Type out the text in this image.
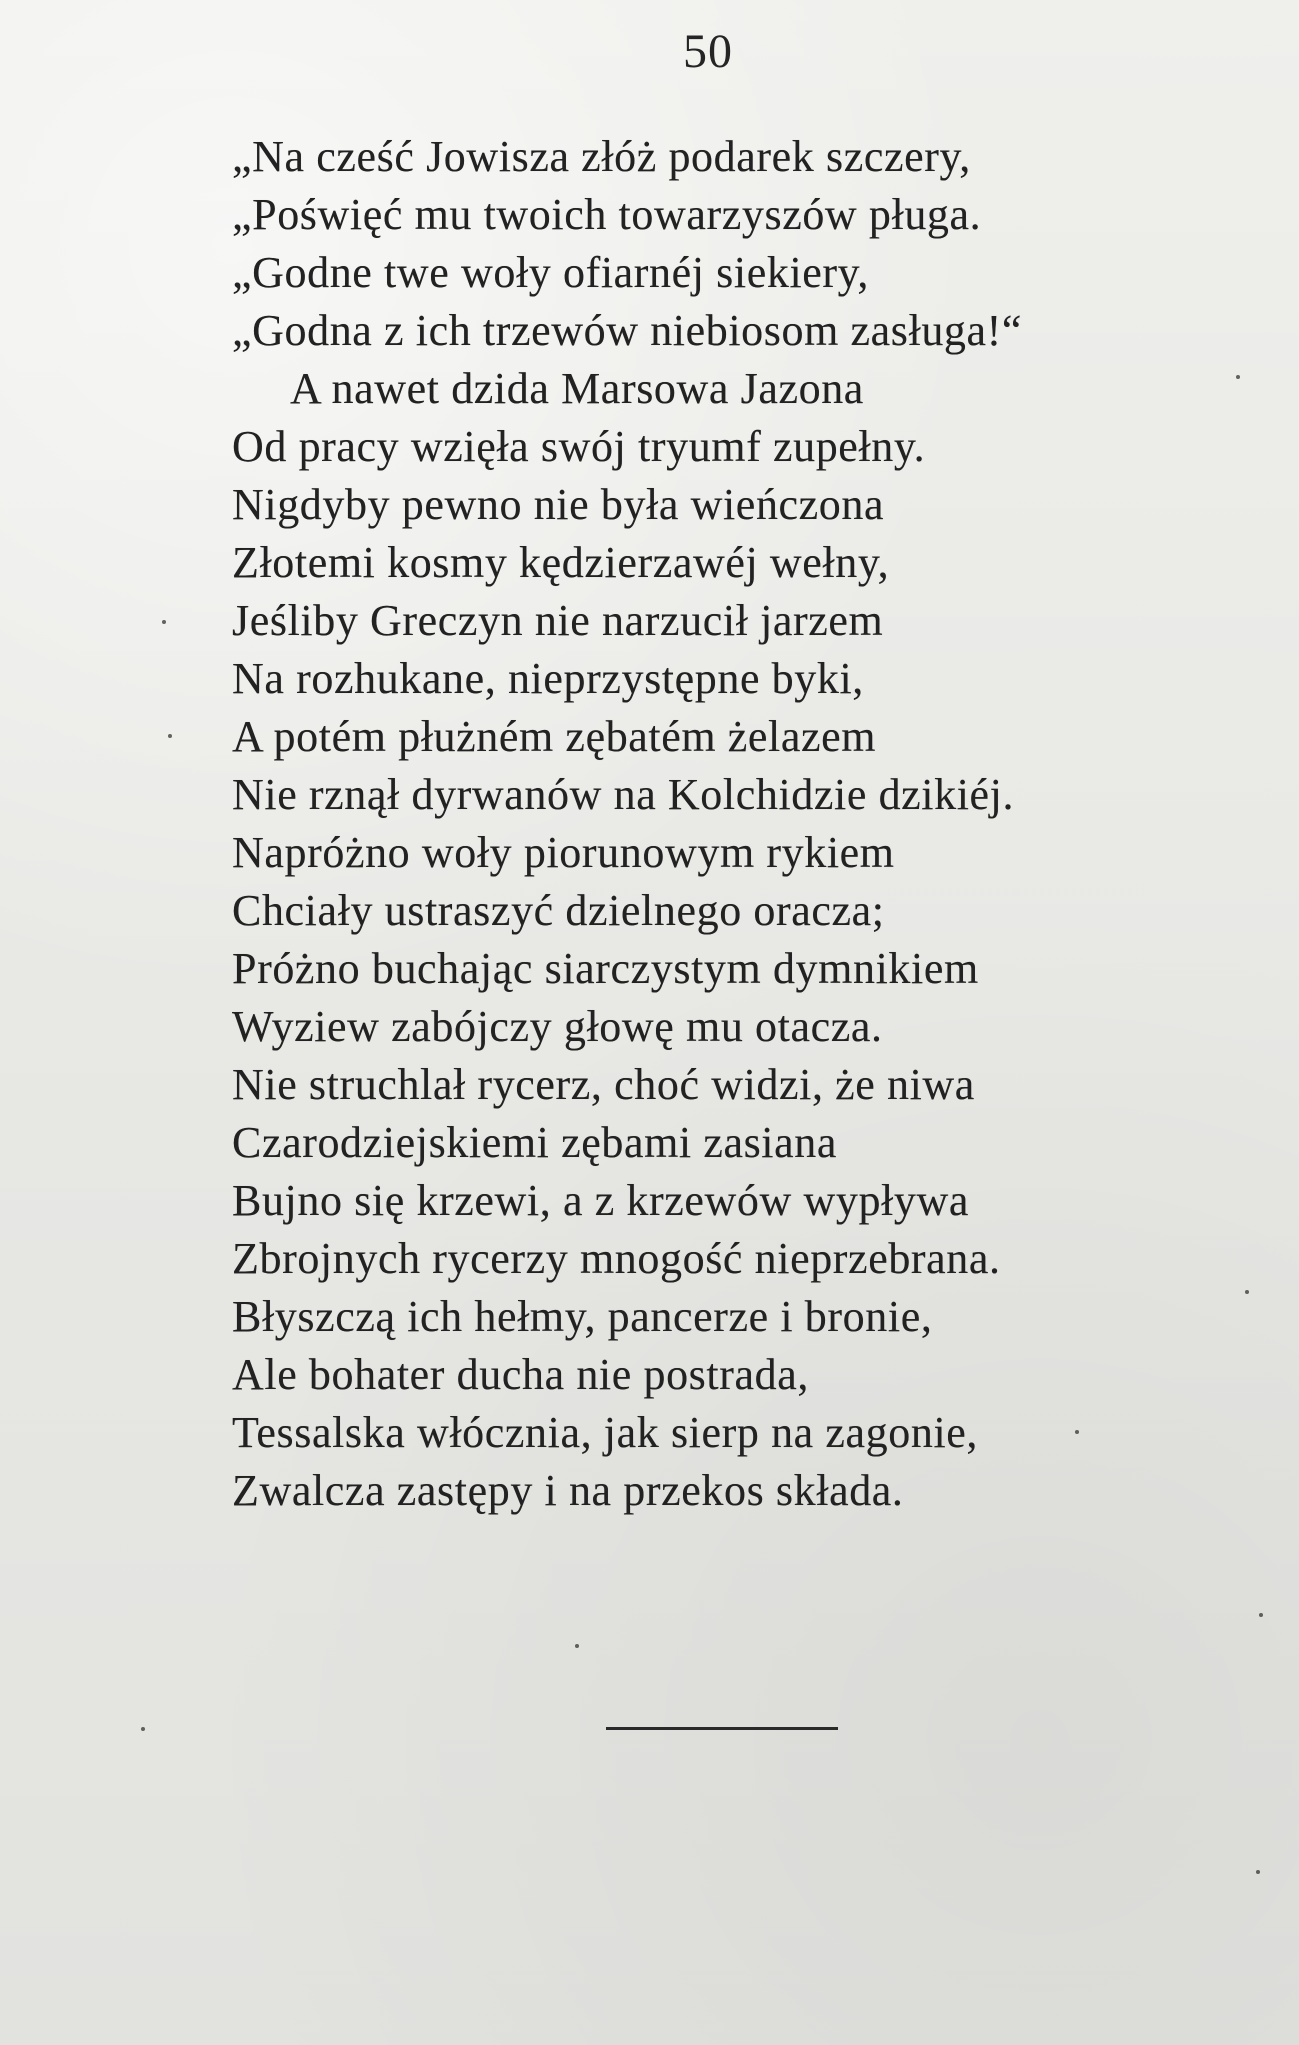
50
„Na cześć Jowisza złóż podarek szczery,
„Poświęć mu twoich towarzyszów pługa.
„Godne twe woły ofiarnéj siekiery,
„Godna z ich trzewów niebiosom zasługa!“
A nawet dzida Marsowa Jazona
Od pracy wzięła swój tryumf zupełny.
Nigdyby pewno nie była wieńczona
Złotemi kosmy kędzierzawéj wełny,
Jeśliby Greczyn nie narzucił jarzem
Na rozhukane, nieprzystępne byki,
A potém płużném zębatém żelazem
Nie rznął dyrwanów na Kolchidzie dzikiéj.
Napróżno woły piorunowym rykiem
Chciały ustraszyć dzielnego oracza;
Próżno buchając siarczystym dymnikiem
Wyziew zabójczy głowę mu otacza.
Nie struchlał rycerz, choć widzi, że niwa
Czarodziejskiemi zębami zasiana
Bujno się krzewi, a z krzewów wypływa
Zbrojnych rycerzy mnogość nieprzebrana.
Błyszczą ich hełmy, pancerze i bronie,
Ale bohater ducha nie postrada,
Tessalska włócznia, jak sierp na zagonie,
Zwalcza zastępy i na przekos składa.
